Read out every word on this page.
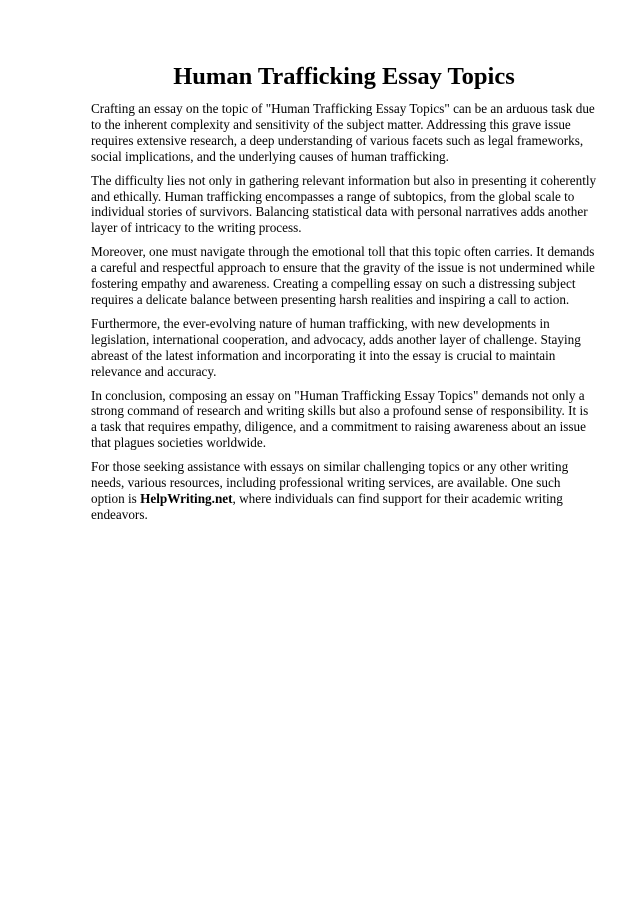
Human Trafficking Essay Topics

Crafting an essay on the topic of "Human Trafficking Essay Topics" can be an arduous task due to the inherent complexity and sensitivity of the subject matter. Addressing this grave issue requires extensive research, a deep understanding of various facets such as legal frameworks, social implications, and the underlying causes of human trafficking.

The difficulty lies not only in gathering relevant information but also in presenting it coherently and ethically. Human trafficking encompasses a range of subtopics, from the global scale to individual stories of survivors. Balancing statistical data with personal narratives adds another layer of intricacy to the writing process.

Moreover, one must navigate through the emotional toll that this topic often carries. It demands a careful and respectful approach to ensure that the gravity of the issue is not undermined while fostering empathy and awareness. Creating a compelling essay on such a distressing subject requires a delicate balance between presenting harsh realities and inspiring a call to action.

Furthermore, the ever-evolving nature of human trafficking, with new developments in legislation, international cooperation, and advocacy, adds another layer of challenge. Staying abreast of the latest information and incorporating it into the essay is crucial to maintain relevance and accuracy.

In conclusion, composing an essay on "Human Trafficking Essay Topics" demands not only a strong command of research and writing skills but also a profound sense of responsibility. It is a task that requires empathy, diligence, and a commitment to raising awareness about an issue that plagues societies worldwide.

For those seeking assistance with essays on similar challenging topics or any other writing needs, various resources, including professional writing services, are available. One such option is HelpWriting.net, where individuals can find support for their academic writing endeavors.
